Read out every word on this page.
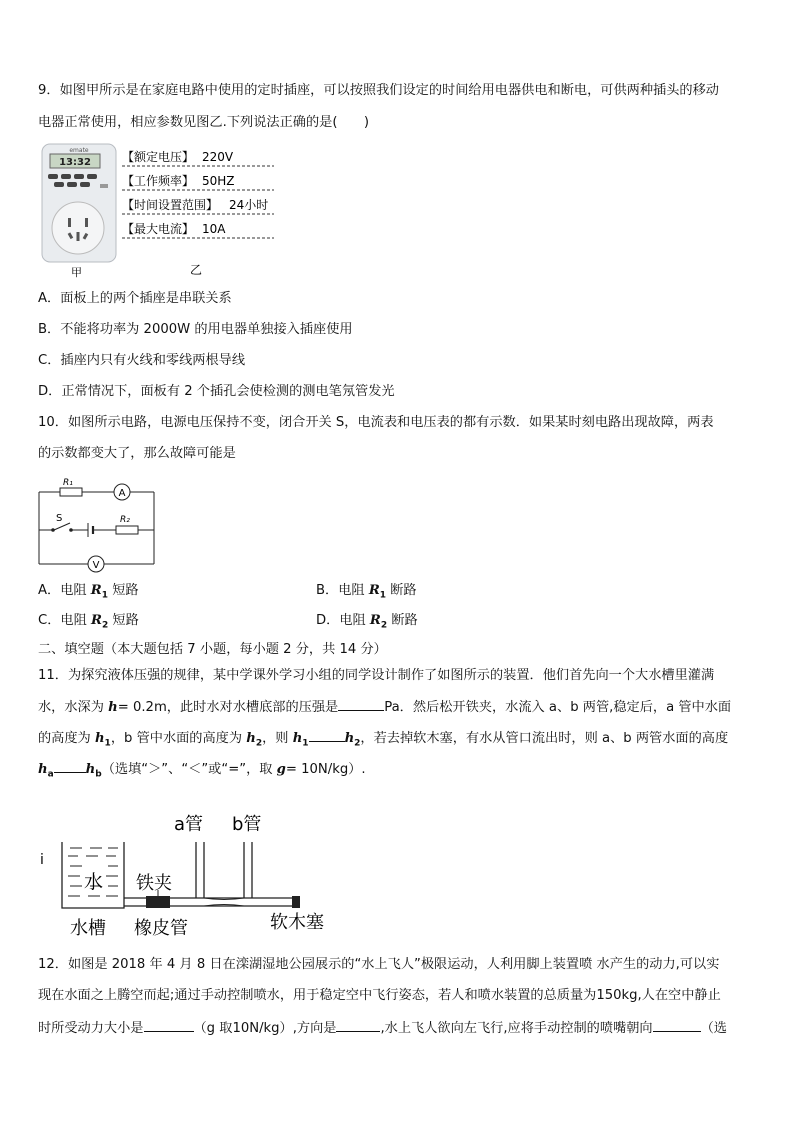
9．如图甲所示是在家庭电路中使用的定时插座，可以按照我们设定的时间给用电器供电和断电，可供两种插头的移动
电器正常使用，相应参数见图乙.下列说法正确的是(　　)
emate
13:32
甲
【额定电压】 220V
【工作频率】 50HZ
【时间设置范围】 24小时
【最大电流】 10A
乙
A．面板上的两个插座是串联关系
B．不能将功率为 2000W 的用电器单独接入插座使用
C．插座内只有火线和零线两根导线
D．正常情况下，面板有 2 个插孔会使检测的测电笔氖管发光
10．如图所示电路，电源电压保持不变，闭合开关 S，电流表和电压表的都有示数．如果某时刻电路出现故障，两表
的示数都变大了，那么故障可能是
R₁
A
S	R₂
V
A．电阻 $R_1$ 短路	B．电阻 $R_1$ 断路
C．电阻 $R_2$ 短路	D．电阻 $R_2$ 断路
二、填空题（本大题包括 7 小题，每小题 2 分，共 14 分）
11．为探究液体压强的规律，某中学课外学习小组的同学设计制作了如图所示的装置．他们首先向一个大水槽里灌满
水，水深为 h= 0.2m，此时水对水槽底部的压强是	Pa．然后松开铁夹，水流入 a、b 两管,稳定后，a 管中水面
的高度为 $h_1$，b 管中水面的高度为 $h_2$，则 $h_1$	$h_2$，若去掉软木塞，有水从管口流出时，则 a、b 两管水面的高度
$h_a$ $h_b$（选填“＞”、“＜”或“=”，取 g= 10N/kg）.
i
水
a管 b管
铁夹
水槽 橡皮管	软木塞
12．如图是 2018 年 4 月 8 日在滦湖湿地公园展示的“水上飞人”极限运动，人利用脚上装置喷 水产生的动力,可以实
现在水面之上腾空而起;通过手动控制喷水，用于稳定空中飞行姿态，若人和喷水装置的总质量为150kg,人在空中静止
时所受动力大小是	（g 取10N/kg）,方向是	,水上飞人欲向左飞行,应将手动控制的喷嘴朝向	（选
